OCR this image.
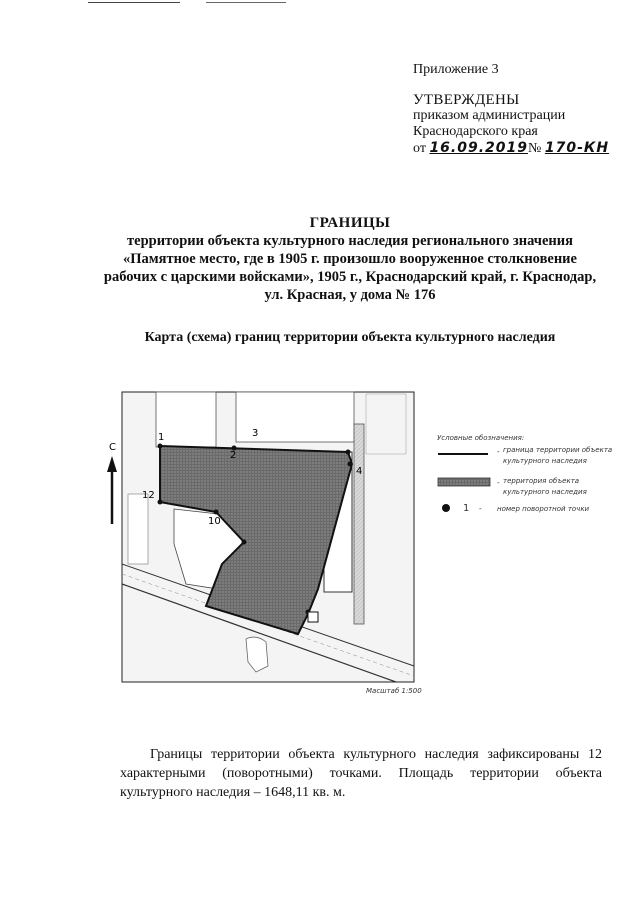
Приложение 3
УТВЕРЖДЕНЫ
приказом администрации
Краснодарского края
от 16.09.2019№ 170-КН
ГРАНИЦЫ
территории объекта культурного наследия регионального значения
«Памятное место, где в 1905 г. произошло вооруженное столкновение
рабочих с царскими войсками», 1905 г., Краснодарский край, г. Краснодар,
ул. Красная, у дома № 176
Карта (схема) границ территории объекта культурного наследия
С
1
2
3
4
10
12
Условные обозначения:
- граница территории объекта
культурного наследия
- территория объекта
культурного наследия
1 - номер поворотной точки
Масштаб 1:500

Границы территории объекта культурного наследия зафиксированы 12 характерными (поворотными) точками. Площадь территории объекта культурного наследия – 1648,11 кв. м.
